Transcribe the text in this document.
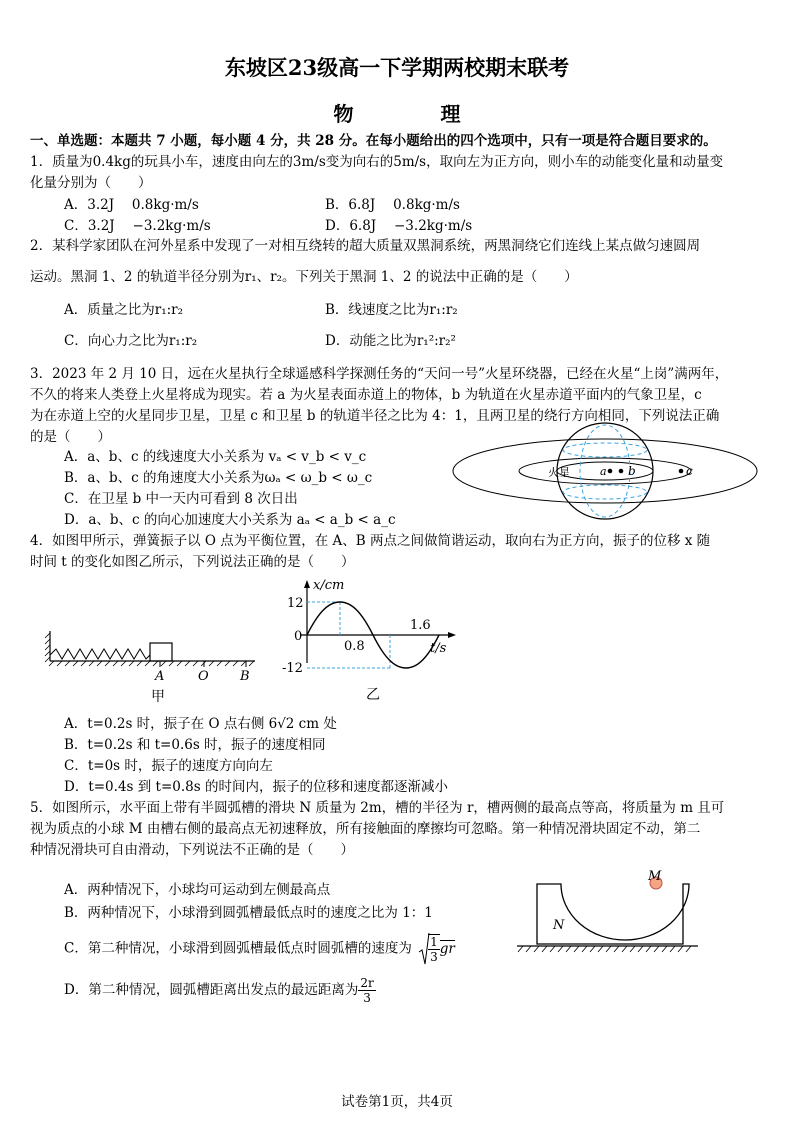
东坡区23级高一下学期两校期末联考
物 理
一、单选题：本题共 7 小题，每小题 4 分，共 28 分。在每小题给出的四个选项中，只有一项是符合题目要求的。
1．质量为0.4kg的玩具小车，速度由向左的3m/s变为向右的5m/s，取向左为正方向，则小车的动能变化量和动量变
化量分别为（　　）
A．3.2J　 0.8kg·m/s	B．6.8J　 0.8kg·m/s
C．3.2J　 −3.2kg·m/s	D．6.8J　 −3.2kg·m/s
2．某科学家团队在河外星系中发现了一对相互绕转的超大质量双黑洞系统，两黑洞绕它们连线上某点做匀速圆周
运动。黑洞 1、2 的轨道半径分别为r₁、r₂。下列关于黑洞 1、2 的说法中正确的是（　　）
A．质量之比为r₁:r₂	B．线速度之比为r₁:r₂
C．向心力之比为r₁:r₂	D．动能之比为r₁²:r₂²
3．2023 年 2 月 10 日，远在火星执行全球遥感科学探测任务的“天问一号”火星环绕器，已经在火星“上岗”满两年，
不久的将来人类登上火星将成为现实。若 a 为火星表面赤道上的物体，b 为轨道在火星赤道平面内的气象卫星，c
为在赤道上空的火星同步卫星，卫星 c 和卫星 b 的轨道半径之比为 4：1，且两卫星的绕行方向相同，下列说法正确
的是（　　）
A．a、b、c 的线速度大小关系为 vₐ < v_b < v_c
B．a、b、c 的角速度大小关系为ωₐ < ω_b < ω_c
C．在卫星 b 中一天内可看到 8 次日出
D．a、b、c 的向心加速度大小关系为 aₐ < a_b < a_c
火星	a b	c
4．如图甲所示，弹簧振子以 O 点为平衡位置，在 A、B 两点之间做简谐运动，取向右为正方向，振子的位移 x 随
时间 t 的变化如图乙所示，下列说法正确的是（　　）
A	O B
甲
x/cm
t/s
12
0
-12
0.8
1.6
乙
A．t=0.2s 时，振子在 O 点右侧 6√2 cm 处
B．t=0.2s 和 t=0.6s 时，振子的速度相同
C．t=0s 时，振子的速度方向向左
D．t=0.4s 到 t=0.8s 的时间内，振子的位移和速度都逐渐减小
5．如图所示，水平面上带有半圆弧槽的滑块 N 质量为 2m，槽的半径为 r，槽两侧的最高点等高，将质量为 m 且可
视为质点的小球 M 由槽右侧的最高点无初速释放，所有接触面的摩擦均可忽略。第一种情况滑块固定不动，第二
种情况滑块可自由滑动，下列说法不正确的是（　　）
A．两种情况下，小球均可运动到左侧最高点
B．两种情况下，小球滑到圆弧槽最低点时的速度之比为 1：1
C．第二种情况，小球滑到圆弧槽最低点时圆弧槽的速度为 $\frac{1}{3}$ gr
D．第二种情况，圆弧槽距离出发点的最远距离为 $\frac{2r}{3}$
M
N
试卷第1页，共4页
